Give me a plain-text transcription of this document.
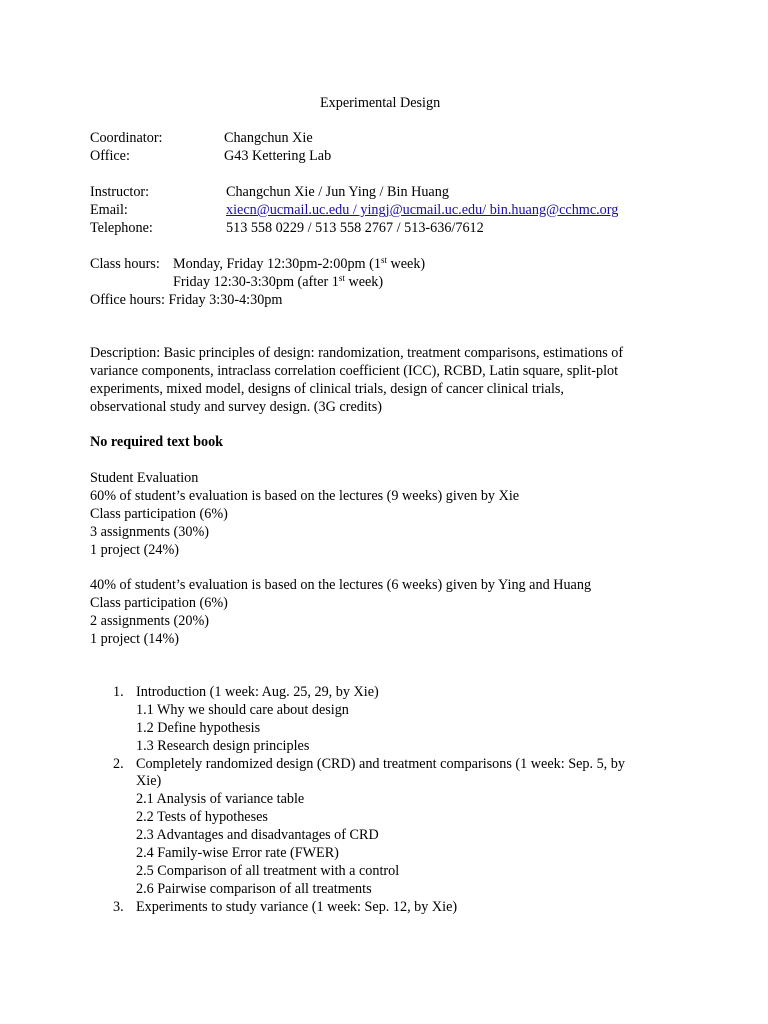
Experimental Design
Coordinator:	Changchun Xie
Office:	G43 Kettering Lab
Instructor:	Changchun Xie / Jun Ying / Bin Huang
Email:	xiecn@ucmail.uc.edu / yingj@ucmail.uc.edu/ bin.huang@cchmc.org
Telephone:	513 558 0229 / 513 558 2767 / 513-636/7612
Class hours: Monday, Friday 12:30pm-2:00pm (1st week)
Friday 12:30-3:30pm (after 1st week)
Office hours: Friday 3:30-4:30pm
Description: Basic principles of design: randomization, treatment comparisons, estimations of
variance components, intraclass correlation coefficient (ICC), RCBD, Latin square, split-plot
experiments, mixed model, designs of clinical trials, design of cancer clinical trials,
observational study and survey design. (3G credits)
No required text book
Student Evaluation
60% of student’s evaluation is based on the lectures (9 weeks) given by Xie
Class participation (6%)
3 assignments (30%)
1 project (24%)
40% of student’s evaluation is based on the lectures (6 weeks) given by Ying and Huang
Class participation (6%)
2 assignments (20%)
1 project (14%)
1. Introduction (1 week: Aug. 25, 29, by Xie)
1.1 Why we should care about design
1.2 Define hypothesis
1.3 Research design principles
2. Completely randomized design (CRD) and treatment comparisons (1 week: Sep. 5, by
Xie)
2.1 Analysis of variance table
2.2 Tests of hypotheses
2.3 Advantages and disadvantages of CRD
2.4 Family-wise Error rate (FWER)
2.5 Comparison of all treatment with a control
2.6 Pairwise comparison of all treatments
3. Experiments to study variance (1 week: Sep. 12, by Xie)
